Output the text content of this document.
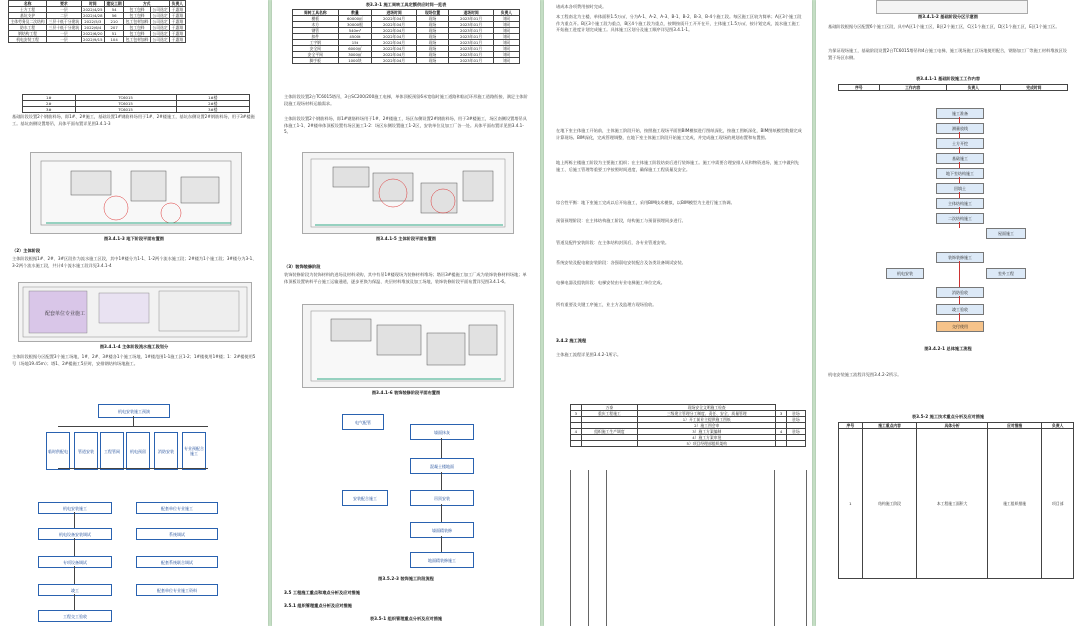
名称	要求	时间	建设工期	方式		负责人
土方工程	一层	2022/4/25	54	包工包料	公司选定	于惠翔
基坑支护	二层	2022/4/28	56	包工包料	公司选定	于惠翔
主体劳务及二次结构	三层十低于分建筑	2022/5/3	210	包工包材加料	公司选定	于惠翔
防水工程	三层十低于分建筑	2022/6/4	207	包工包料	公司选定	于惠翔
钢结构工程	一层	2022/6/20	51	包工包料	公司选定	于惠翔
机电安装工程	一层	2022/9/15	104	包工包材加料	公司选定	于惠翔
1#	TC6015	1#楼
2#	TC6015	2#楼
3#	TC6015	3#楼
基础阶段设置2个钢筋料场，即1#、2#施工，基础设置1#钢筋料场用于1#、2#楼施工，基坑东侧设置2#钢筋料场，用于3#楼施工。基坑南侧设置塔吊，具体平面布置详见图3.4.1-3
图3.4.1-3 地下阶段平面布置图
（2）主体阶段
主体阶段根据1#、2#、3#区段作为流水施工区段，其中1#楼分为1-1、1-2两个流水施工段；2#楼为1个施工段；3#楼分为3-1、3-2两个流水施工段，共计4个流水施工段详见3.4.1-4
配套单位专业施工
图3.4.1-4 主体阶段流水施工段划分
主体阶段根据分区配置3个施工场地，1#、2#、3#楼各1个施工场地，1#楼范围1-1施工区1-2；1#楼使用1#楼；1：2#楼使用5号（场地19.45m）；塔1、2#楼施工5层时，安排钢结构场地施工。
机电安装施工预演
临时供配电	管道安装	工程管网	机电预留	消防安装	专业预配合施工
机电安装施工	配套单位专业施工
机电设备安装调试	系统调试
专项设备调试	配套系统联合调试
竣工	配套单位专业施工资料
工程交工验收
表3.3-1 施工周转工具定额供应时间一览表
周转工具名称	数量	进场时间	现场位置	退场时间	负责人
模板	60000㎡	2022年04月	现场	2023年01月	刘同
木方	30000根	2022年04月	现场	2023年01月	刘同
钢管	540m³	2022年04月	现场	2023年01月	刘同
扣件	4500t	2022年04月	现场	2023年01月	刘同
工字钢	15t	2022年04月	现场	2023年01月	刘同
安全网	6000㎡	2022年04月	现场	2023年01月	刘同
安全平网	3000㎡	2022年04月	现场	2023年01月	刘同
脚手板	1000块	2022年04月	现场	2023年01月	刘同
主体阶段设置2台TC6015塔吊，3台SC200/200施工电梯，单体顶板预留6米宽临时施工道路和临近环形施工道路衔接，满足主体阶段施工现场材料运输需求。
主体阶段设置2个钢筋料场，即1#钢筋料场用于1#、2#楼施工，场区东侧设置2#钢筋料场，用于3#楼施工，场区南侧设置塔吊具体施工1-1、2#楼单体顶板设置有场区施工1-2：场区东侧设置施工1-2区，安装单位及加工厂各一处。具体平面布置详见图3.4.1-5。
图3.4.1-5 主体阶段平面布置图
（3）装饰装修阶段
装饰装修阶段为装饰材料的进场及材料采购，其中有吊1#楼现场为装修材料堆场；塔吊3#楼施工加工厂成为装饰装修材料场地；单体顶板设置转料平台施工运输通道，逐步更换为保温、麦层材料堆放及加工场地，装饰装修阶段平面布置详见图3.4.1-6。
图3.4.1-6 装饰装修阶段平面布置图
电气配管
墙面抹灰
混凝土楼地面
安装配合施工	吊顶安装
墙面精装修
地面精装修施工
图3.5.2-3 装饰施工阶段流程
3.5 工程施工重点和难点分析及应对措施
3.5.1 组织管理重点分析及应对措施
表3.5-1 组织管理重点分析及应对措施
诸成本各项费用按时完成。
本工程南北为主楼，单体面积1.5万㎡，分为A-1、A-2、A-3、B-1、B-2、B-3、B-4个施工段。每区施工区较为简单；A区3个施工段作为重点开。B区3个施工段为重点，B区4个施工段为重点，按期按质开工开开在开，主体施工1.5万㎡，按计划完成，流水施工施工开始施工进度计划完成施工。具体施工区划分及施工顺序详见图3.4.1-1。
在地下室主体施工开始前，主体施工阶段开始，按照施工现场平面图BIM模拟进行图纸深化，按施工图纸深化，BIM图纸模型数据完成计算现场。BIM深化，完成管理调整，在地下室主体施工阶段开始施工完成，并完成施工现场的规划布置和布置图。
地上两栋主楼施工阶段为主要施工组织；在主体施工阶段结束后进行装饰施工。施工中需要合理安排人员和物资进场，施工中做到先施工、后施工管理等重要工序按照时间进度，确保施工工程质量及安全。
综合性平衡：地下室施工完成以后开始施工，采用BIM技术模拟，以BIM模型为主进行施工协调。
预留预埋阶段：在主体结构施工阶段，结构施工与预留预埋同步进行。
管道及配件安装阶段：在主体结构封顶后，各专业管道安装。
系统安装及配电箱安装阶段：各强弱电安装配合及各类设备调试安装。
电梯电器及组装阶段：电梯安装由专业电梯施工单位完成。
所有重要及关键工序施工，业主方及监理方现场验收。
3.4.2 施工流程
主体施工流程详见图3.4.2-1所示。
	万泰	现场安全文明施工检查		
3	重庆工程施工	三级建立管理分工制度、责任、安全、质量管理	3	驻场
		1）开工前业主提供施工图纸		驻场
		2）施工图会审		
4	组织施工生产调度	3）施工方案编制	4	驻场
		4）施工方案审批		
		5）项目经理部组织架构		
图3.4.1-2 基础阶段分区示意图
基础阶段根据分区配置6个施工区段，具中A区1个施工区，B区2个施工区，C区1个施工区，D区1个施工区，E区1个施工区。
为保证现场施工，基础阶段设置2台TC6015塔吊和4台施工电梯，施工现场施工区场地使用配合，钢筋加工厂等施工材料堆放区设置于场区东侧。
表3.4.1-1 基础阶段施工工作内容
序号	工作内容	负责人	完成时间
施工准备
测量放线
土方开挖
基础施工
地下室结构施工
回填土
主体结构施工
二次结构施工
屋面施工
装饰装修施工
机电安装	室外工程
消防验收
竣工验收
交付使用
图3.4.2-1 总体施工流程
机电安装施工流程详见图3.4.2-2所示。
表3.5-2 施工技术重点分析及应对措施
序号	施工重点内容	具体分析	应对措施	负责人
1	结构施工阶段	本工程施工面积大	施工组织措施	项目部
